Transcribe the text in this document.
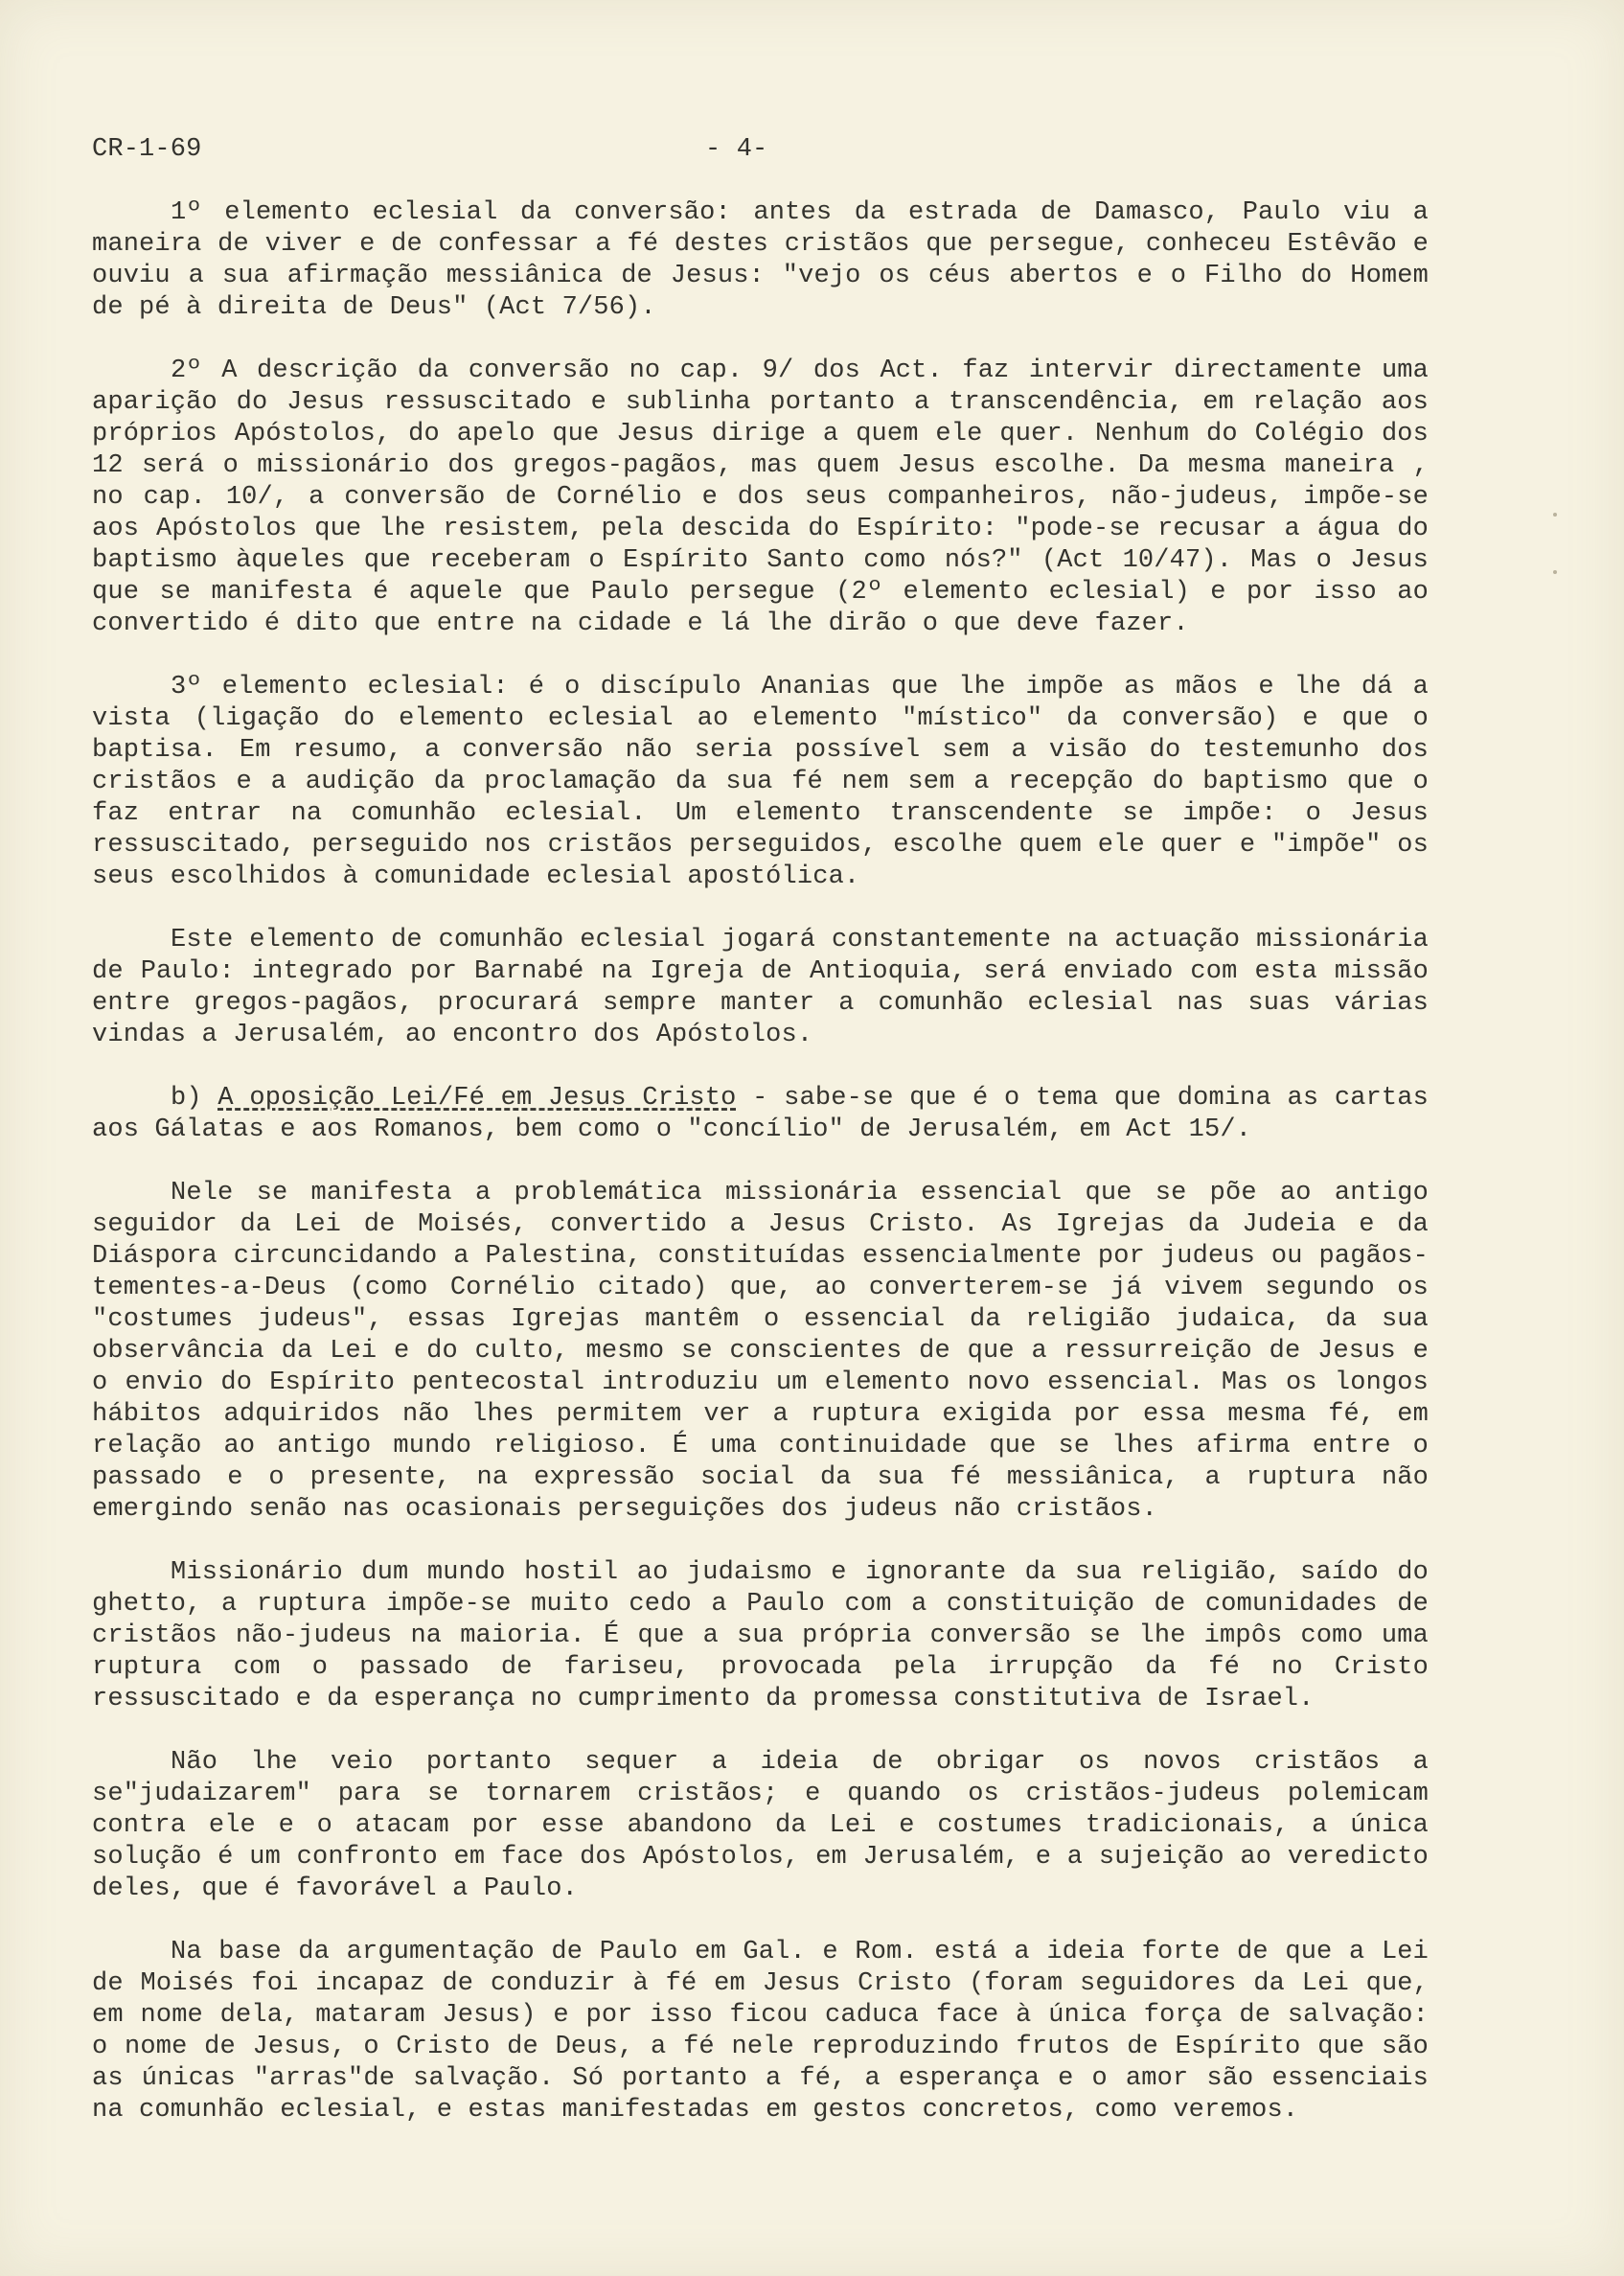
CR-1-69	- 4-

1º elemento eclesial da conversão: antes da estrada de Damasco, Paulo viu a maneira de viver e de confessar a fé destes cristãos que persegue, conheceu Estêvão e ouviu a sua afirmação messiânica de Jesus: "vejo os céus abertos e o Filho do Homem de pé à direita de Deus" (Act 7/56).

2º A descrição da conversão no cap. 9/ dos Act. faz intervir directamente uma aparição do Jesus ressuscitado e sublinha portanto a transcendência, em relação aos próprios Apóstolos, do apelo que Jesus dirige a quem ele quer. Nenhum do Colégio dos 12 será o missionário dos gregos-pagãos, mas quem Jesus escolhe. Da mesma maneira , no cap. 10/, a conversão de Cornélio e dos seus companheiros, não-judeus, impõe-se aos Apóstolos que lhe resistem, pela descida do Espírito: "pode-se recusar a água do baptismo àqueles que receberam o Espírito Santo como nós?" (Act 10/47). Mas o Jesus que se manifesta é aquele que Paulo persegue (2º elemento eclesial) e por isso ao convertido é dito que entre na cidade e lá lhe dirão o que deve fazer.

3º elemento eclesial: é o discípulo Ananias que lhe impõe as mãos e lhe dá a vista (ligação do elemento eclesial ao elemento "místico" da conversão) e que o baptisa. Em resumo, a conversão não seria possível sem a visão do testemunho dos cristãos e a audição da proclamação da sua fé nem sem a recepção do baptismo que o faz entrar na comunhão eclesial. Um elemento transcendente se impõe: o Jesus ressuscitado, perseguido nos cristãos perseguidos, escolhe quem ele quer e "impõe" os seus escolhidos à comunidade eclesial apostólica.

Este elemento de comunhão eclesial jogará constantemente na actuação missionária de Paulo: integrado por Barnabé na Igreja de Antioquia, será enviado com esta missão entre gregos-pagãos, procurará sempre manter a comunhão eclesial nas suas várias vindas a Jerusalém, ao encontro dos Apóstolos.

b) A oposição Lei/Fé em Jesus Cristo - sabe-se que é o tema que domina as cartas aos Gálatas e aos Romanos, bem como o "concílio" de Jerusalém, em Act 15/.

Nele se manifesta a problemática missionária essencial que se põe ao antigo seguidor da Lei de Moisés, convertido a Jesus Cristo. As Igrejas da Judeia e da Diáspora circuncidando a Palestina, constituídas essencialmente por judeus ou pagãos-tementes-a-Deus (como Cornélio citado) que, ao converterem-se já vivem segundo os "costumes judeus", essas Igrejas mantêm o essencial da religião judaica, da sua observância da Lei e do culto, mesmo se conscientes de que a ressurreição de Jesus e o envio do Espírito pentecostal introduziu um elemento novo essencial. Mas os longos hábitos adquiridos não lhes permitem ver a ruptura exigida por essa mesma fé, em relação ao antigo mundo religioso. É uma continuidade que se lhes afirma entre o passado e o presente, na expressão social da sua fé messiânica, a ruptura não emergindo senão nas ocasionais perseguições dos judeus não cristãos.

Missionário dum mundo hostil ao judaismo e ignorante da sua religião, saído do ghetto, a ruptura impõe-se muito cedo a Paulo com a constituição de comunidades de cristãos não-judeus na maioria. É que a sua própria conversão se lhe impôs como uma ruptura com o passado de fariseu, provocada pela irrupção da fé no Cristo ressuscitado e da esperança no cumprimento da promessa constitutiva de Israel.

Não lhe veio portanto sequer a ideia de obrigar os novos cristãos a se"judaizarem" para se tornarem cristãos; e quando os cristãos-judeus polemicam contra ele e o atacam por esse abandono da Lei e costumes tradicionais, a única solução é um confronto em face dos Apóstolos, em Jerusalém, e a sujeição ao veredicto deles, que é favorável a Paulo.

Na base da argumentação de Paulo em Gal. e Rom. está a ideia forte de que a Lei de Moisés foi incapaz de conduzir à fé em Jesus Cristo (foram seguidores da Lei que, em nome dela, mataram Jesus) e por isso ficou caduca face à única força de salvação: o nome de Jesus, o Cristo de Deus, a fé nele reproduzindo frutos de Espírito que são as únicas "arras"de salvação. Só portanto a fé, a esperança e o amor são essenciais na comunhão eclesial, e estas manifestadas em gestos concretos, como veremos.
